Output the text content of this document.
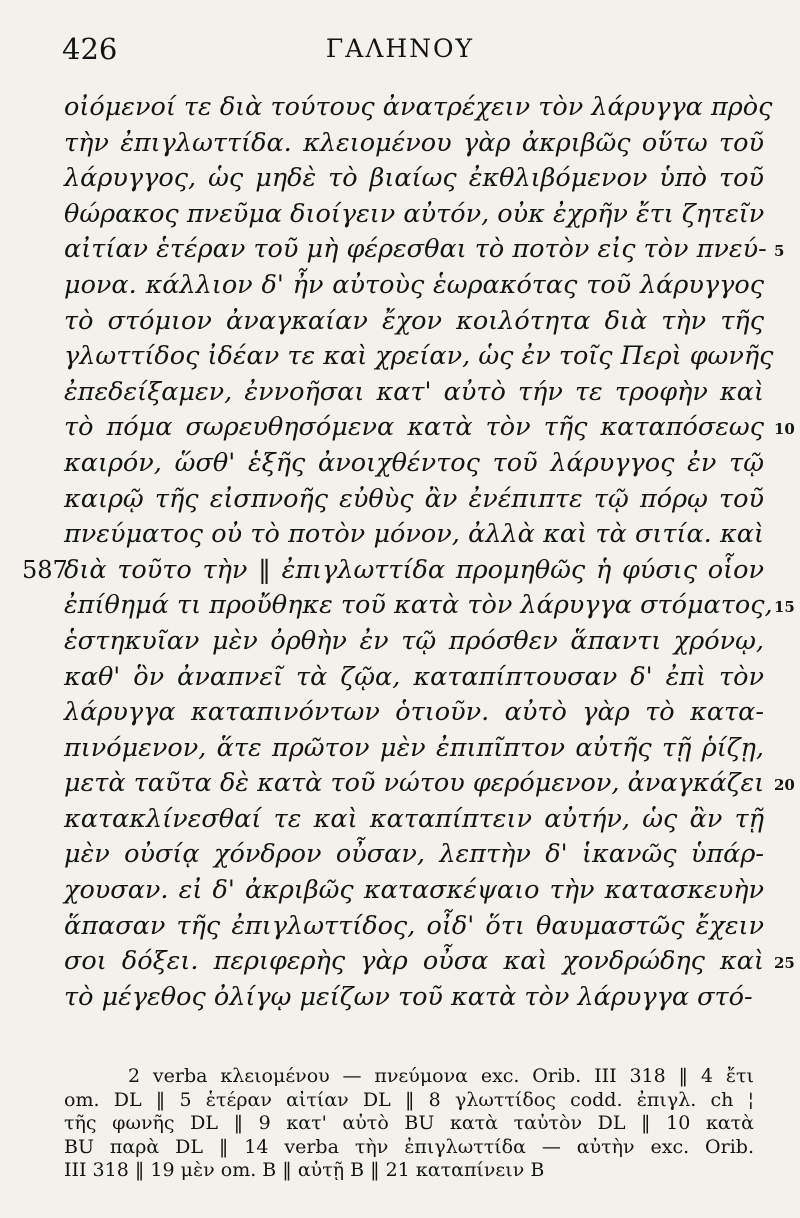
426	ΓΑΛΗΝΟΥ
οἰόμενοί τε διὰ τούτους ἀνατρέχειν τὸν λάρυγγα πρὸς
τὴν ἐπιγλωττίδα. κλειομένου γὰρ ἀκριβῶς οὕτω τοῦ
λάρυγγος, ὡς μηδὲ τὸ βιαίως ἐκθλιβόμενον ὑπὸ τοῦ
θώρακος πνεῦμα διοίγειν αὐτόν, οὐκ ἐχρῆν ἔτι ζητεῖν
αἰτίαν ἑτέραν τοῦ μὴ φέρεσθαι τὸ ποτὸν εἰς τὸν πνεύ- 5
μονα. κάλλιον δ' ἦν αὐτοὺς ἑωρακότας τοῦ λάρυγγος
τὸ στόμιον ἀναγκαίαν ἔχον κοιλότητα διὰ τὴν τῆς
γλωττίδος ἰδέαν τε καὶ χρείαν, ὡς ἐν τοῖς Περὶ φωνῆς
ἐπεδείξαμεν, ἐννοῆσαι κατ' αὐτὸ τήν τε τροφὴν καὶ
τὸ πόμα σωρευθησόμενα κατὰ τὸν τῆς καταπόσεως 10
καιρόν, ὥσθ' ἑξῆς ἀνοιχθέντος τοῦ λάρυγγος ἐν τῷ
καιρῷ τῆς εἰσπνοῆς εὐθὺς ἂν ἐνέπιπτε τῷ πόρῳ τοῦ
πνεύματος οὐ τὸ ποτὸν μόνον, ἀλλὰ καὶ τὰ σιτία. καὶ
587
διὰ τοῦτο τὴν ‖ ἐπιγλωττίδα προμηθῶς ἡ φύσις οἷον
ἐπίθημά τι προὔθηκε τοῦ κατὰ τὸν λάρυγγα στόματος, 15
ἑστηκυῖαν μὲν ὀρθὴν ἐν τῷ πρόσθεν ἅπαντι χρόνῳ,
καθ' ὃν ἀναπνεῖ τὰ ζῷα, καταπίπτουσαν δ' ἐπὶ τὸν
λάρυγγα καταπινόντων ὁτιοῦν. αὐτὸ γὰρ τὸ κατα-
πινόμενον, ἅτε πρῶτον μὲν ἐπιπῖπτον αὐτῆς τῇ ῥίζῃ,
μετὰ ταῦτα δὲ κατὰ τοῦ νώτου φερόμενον, ἀναγκάζει 20
κατακλίνεσθαί τε καὶ καταπίπτειν αὐτήν, ὡς ἂν τῇ
μὲν οὐσίᾳ χόνδρον οὖσαν, λεπτὴν δ' ἱκανῶς ὑπάρ-
χουσαν. εἰ δ' ἀκριβῶς κατασκέψαιο τὴν κατασκευὴν
ἅπασαν τῆς ἐπιγλωττίδος, οἶδ' ὅτι θαυμαστῶς ἔχειν
σοι δόξει. περιφερὴς γὰρ οὖσα καὶ χονδρώδης καὶ 25
τὸ μέγεθος ὀλίγῳ μείζων τοῦ κατὰ τὸν λάρυγγα στό-
2 verba κλειομένου — πνεύμονα exc. Orib. III 318 ‖ 4 ἔτι
om. DL ‖ 5 ἑτέραν αἰτίαν DL ‖ 8 γλωττίδος codd. ἐπιγλ. ch ¦
τῆς φωνῆς DL ‖ 9 κατ' αὐτὸ BU κατὰ ταὐτὸν DL ‖ 10 κατὰ
BU παρὰ DL ‖ 14 verba τὴν ἐπιγλωττίδα — αὐτὴν exc. Orib.
III 318 ‖ 19 μὲν om. B ‖ αὐτῇ B ‖ 21 καταπίνειν B
